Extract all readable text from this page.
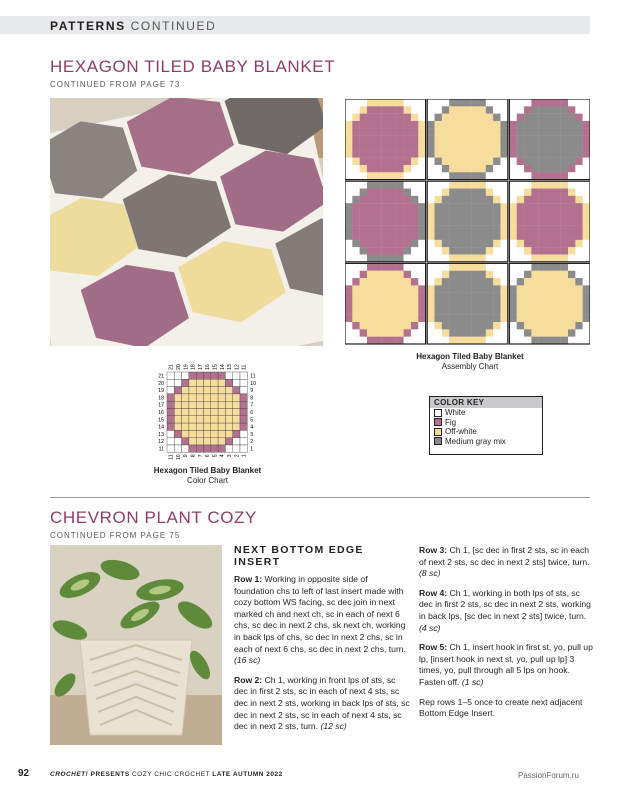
PATTERNS CONTINUED
HEXAGON TILED BABY BLANKET
CONTINUED FROM PAGE 73
Hexagon Tiled Baby Blanket
Assembly Chart
21	11
21
11
20	10
20
10
19	9
19
9
18	8
18
8
17	7
17
7
16	6
16
6
15	5
15
5
14	4
14
4
13	3
13
3
12	2
12
2
11	1
11
1
Hexagon Tiled Baby Blanket
Color Chart
COLOR KEY
White
Fig
Off-white
Medium gray mix
CHEVRON PLANT COZY
CONTINUED FROM PAGE 75
NEXT BOTTOM EDGE INSERT

Row 1: Working in opposite side of foundation chs to left of last insert made with cozy bottom WS facing, sc dec join in next marked ch and next ch, sc in each of next 6 chs, sc dec in next 2 chs, sk next ch, working in back lps of chs, sc dec in next 2 chs, sc in each of next 6 chs, sc dec in next 2 chs, turn. (16 sc)

Row 2: Ch 1, working in front lps of sts, sc dec in first 2 sts, sc in each of next 4 sts, sc dec in next 2 sts, working in back lps of sts, sc dec in next 2 sts, sc in each of next 4 sts, sc dec in next 2 sts, turn. (12 sc)

Row 3: Ch 1, [sc dec in first 2 sts, sc in each of next 2 sts, sc dec in next 2 sts] twice, turn. (8 sc)

Row 4: Ch 1, working in both lps of sts, sc dec in first 2 sts, sc dec in next 2 sts, working in back lps, [sc dec in next 2 sts] twice, turn. (4 sc)

Row 5: Ch 1, insert hook in first st, yo, pull up lp, [insert hook in next st, yo, pull up lp] 3 times, yo, pull through all 5 lps on hook. Fasten off. (1 sc)

Rep rows 1–5 once to create next adjacent Bottom Edge Insert.

92	CROCHET! PRESENTS COZY CHIC CROCHET LATE AUTUMN 2022	PassionForum.ru
